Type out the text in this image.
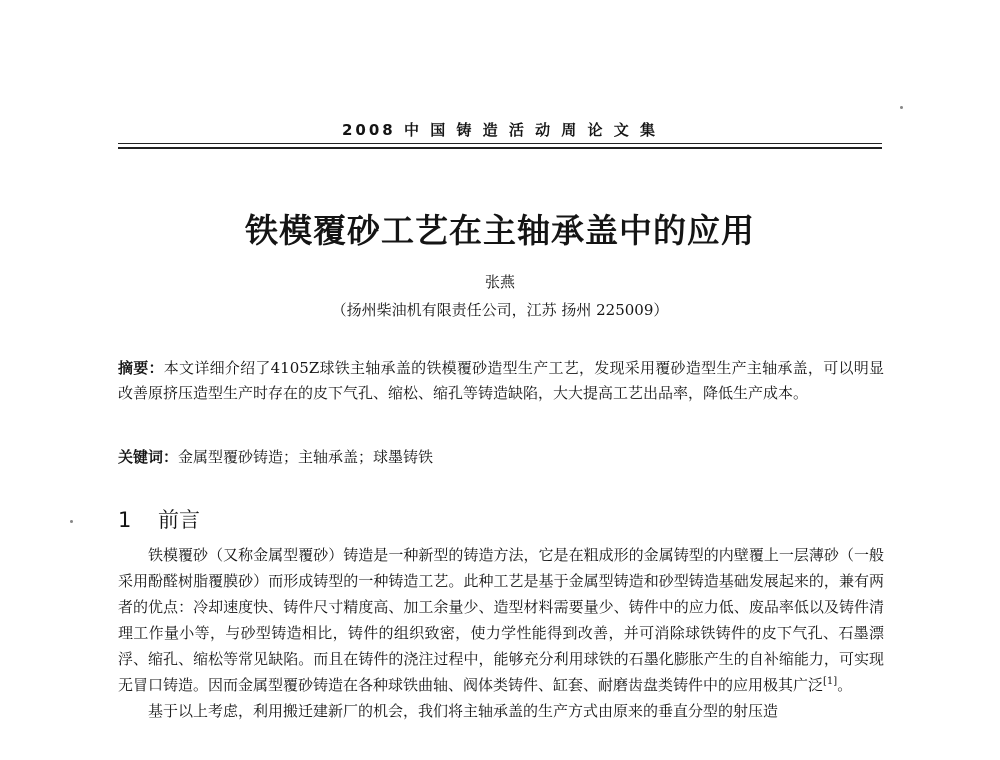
2008 中 国 铸 造 活 动 周 论 文 集
铁模覆砂工艺在主轴承盖中的应用
张燕
（扬州柴油机有限责任公司，江苏 扬州 225009）
摘要：本文详细介绍了4105Z球铁主轴承盖的铁模覆砂造型生产工艺，发现采用覆砂造型生产主轴承盖，可以明显改善原挤压造型生产时存在的皮下气孔、缩松、缩孔等铸造缺陷，大大提高工艺出品率，降低生产成本。
关键词：金属型覆砂铸造；主轴承盖；球墨铸铁
1 前言

铁模覆砂（又称金属型覆砂）铸造是一种新型的铸造方法，它是在粗成形的金属铸型的内壁覆上一层薄砂（一般采用酚醛树脂覆膜砂）而形成铸型的一种铸造工艺。此种工艺是基于金属型铸造和砂型铸造基础发展起来的，兼有两者的优点：冷却速度快、铸件尺寸精度高、加工余量少、造型材料需要量少、铸件中的应力低、废品率低以及铸件清理工作量小等，与砂型铸造相比，铸件的组织致密，使力学性能得到改善，并可消除球铁铸件的皮下气孔、石墨漂浮、缩孔、缩松等常见缺陷。而且在铸件的浇注过程中，能够充分利用球铁的石墨化膨胀产生的自补缩能力，可实现无冒口铸造。因而金属型覆砂铸造在各种球铁曲轴、阀体类铸件、缸套、耐磨齿盘类铸件中的应用极其广泛[1]。

基于以上考虑，利用搬迁建新厂的机会，我们将主轴承盖的生产方式由原来的垂直分型的射压造
